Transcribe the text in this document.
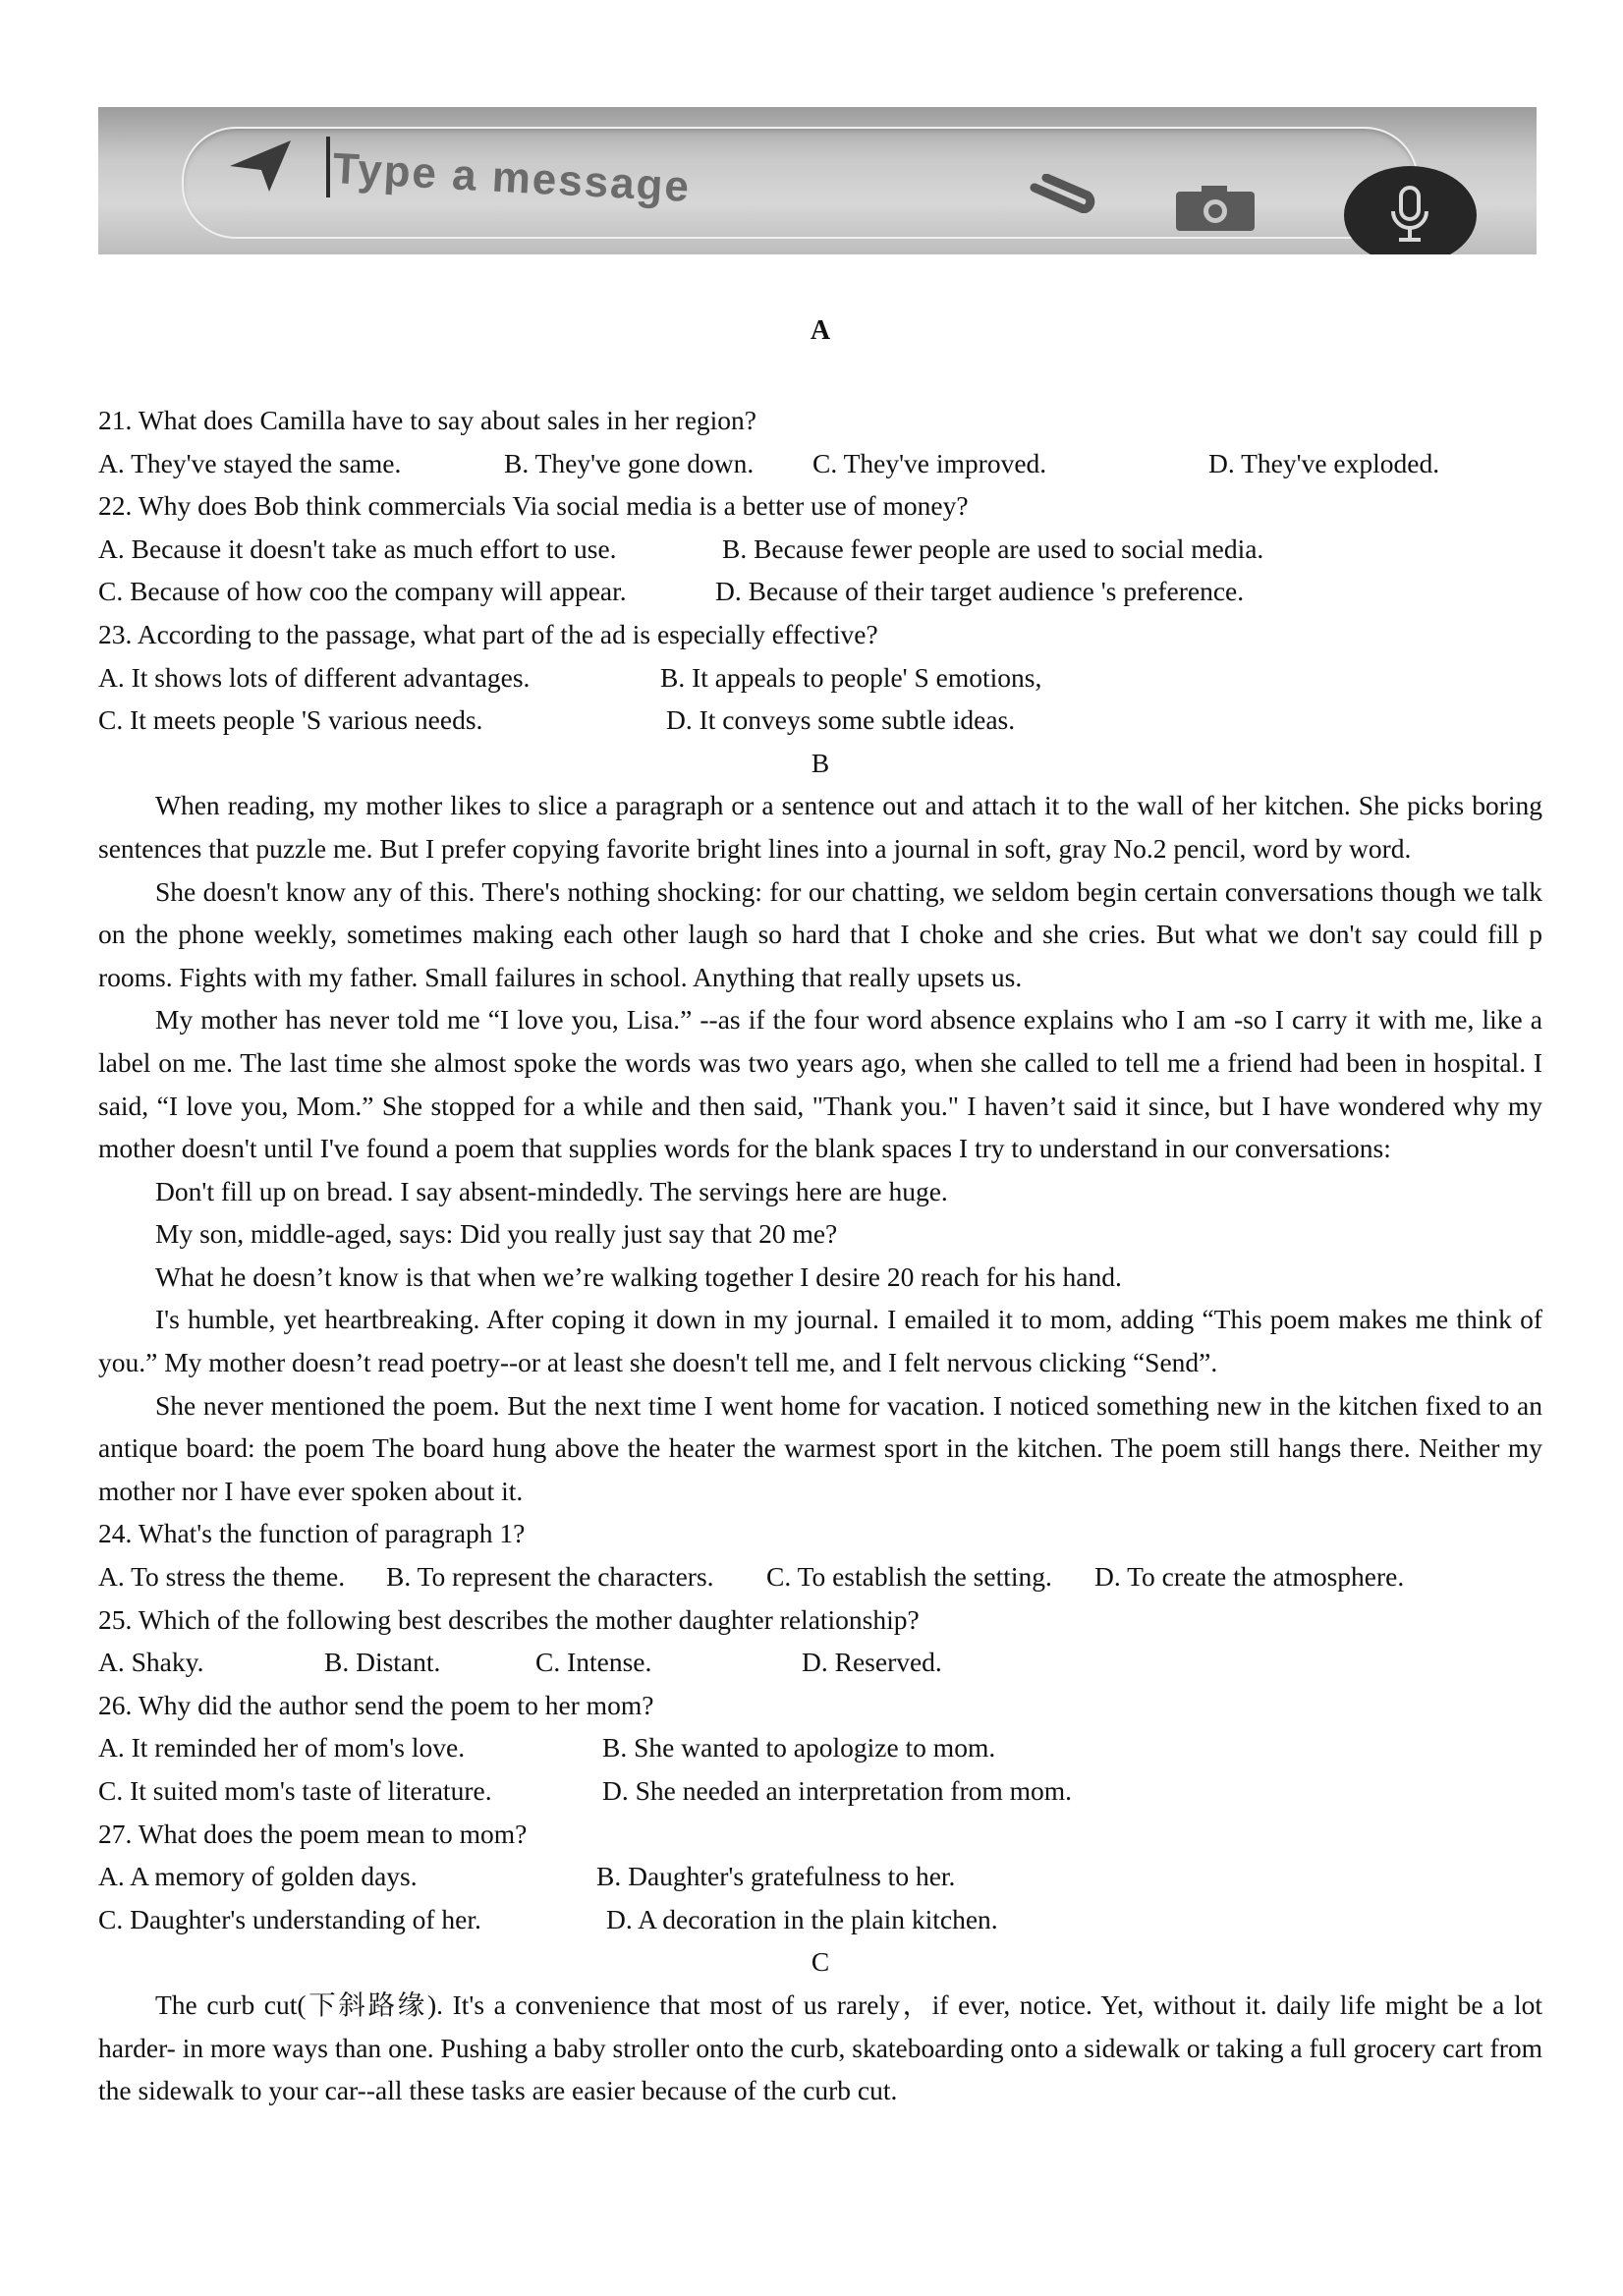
Type a message
A
21. What does Camilla have to say about sales in her region?
A. They've stayed the same.	B. They've gone down. C. They've improved.	D. They've exploded.
22. Why does Bob think commercials Via social media is a better use of money?
A. Because it doesn't take as much effort to use.	B. Because fewer people are used to social media.
C. Because of how coo the company will appear.	D. Because of their target audience 's preference.
23. According to the passage, what part of the ad is especially effective?
A. It shows lots of different advantages.	B. It appeals to people' S emotions,
C. It meets people 'S various needs.	D. It conveys some subtle ideas.
B
When reading, my mother likes to slice a paragraph or a sentence out and attach it to the wall of her kitchen. She picks boring sentences that puzzle me. But I prefer copying favorite bright lines into a journal in soft, gray No.2 pencil, word by word.
She doesn't know any of this. There's nothing shocking: for our chatting, we seldom begin certain conversations though we talk on the phone weekly, sometimes making each other laugh so hard that I choke and she cries. But what we don't say could fill p rooms. Fights with my father. Small failures in school. Anything that really upsets us.
My mother has never told me “I love you, Lisa.” --as if the four word absence explains who I am -so I carry it with me, like a label on me. The last time she almost spoke the words was two years ago, when she called to tell me a friend had been in hospital. I said, “I love you, Mom.” She stopped for a while and then said, "Thank you." I haven’t said it since, but I have wondered why my mother doesn't until I've found a poem that supplies words for the blank spaces I try to understand in our conversations:
Don't fill up on bread. I say absent-mindedly. The servings here are huge.
My son, middle-aged, says: Did you really just say that 20 me?
What he doesn’t know is that when we’re walking together I desire 20 reach for his hand.
I's humble, yet heartbreaking. After coping it down in my journal. I emailed it to mom, adding “This poem makes me think of you.” My mother doesn’t read poetry--or at least she doesn't tell me, and I felt nervous clicking “Send”.
She never mentioned the poem. But the next time I went home for vacation. I noticed something new in the kitchen fixed to an antique board: the poem The board hung above the heater the warmest sport in the kitchen. The poem still hangs there. Neither my mother nor I have ever spoken about it.
24. What's the function of paragraph 1?
A. To stress the theme. B. To represent the characters. C. To establish the setting. D. To create the atmosphere.
25. Which of the following best describes the mother daughter relationship?
A. Shaky.	B. Distant.	C. Intense.	D. Reserved.
26. Why did the author send the poem to her mom?
A. It reminded her of mom's love.	B. She wanted to apologize to mom.
C. It suited mom's taste of literature.	D. She needed an interpretation from mom.
27. What does the poem mean to mom?
A. A memory of golden days.	B. Daughter's gratefulness to her.
C. Daughter's understanding of her.	D. A decoration in the plain kitchen.
C
The curb cut(下斜路缘). It's a convenience that most of us rarely，if ever, notice. Yet, without it. daily life might be a lot harder- in more ways than one. Pushing a baby stroller onto the curb, skateboarding onto a sidewalk or taking a full grocery cart from the sidewalk to your car--all these tasks are easier because of the curb cut.
